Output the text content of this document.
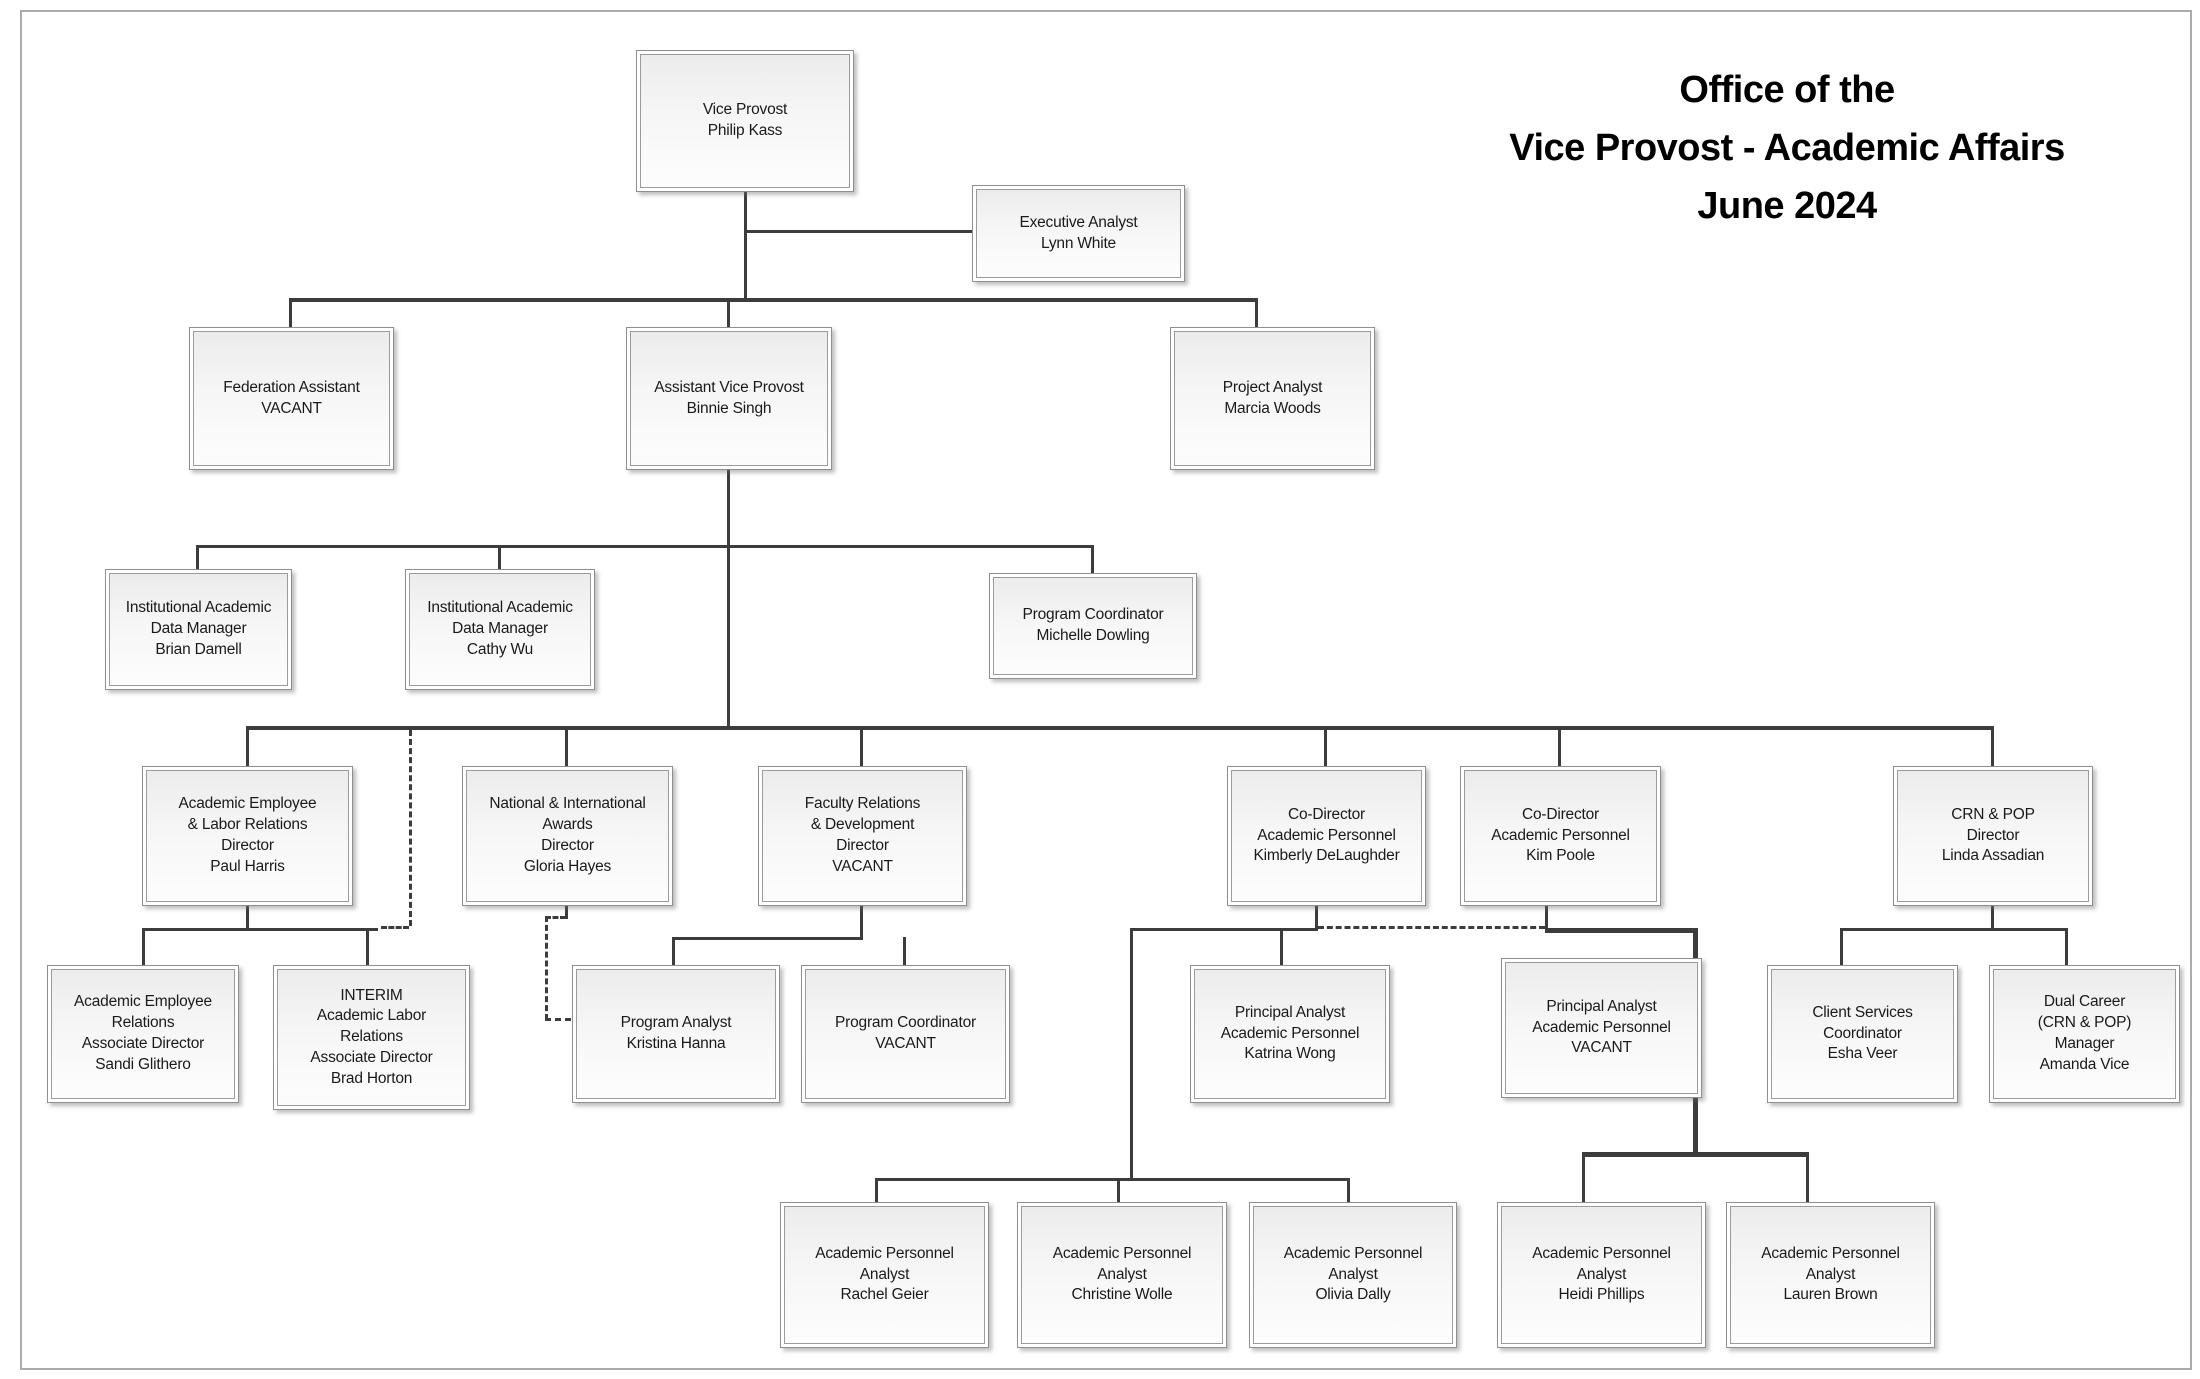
Office of the
Vice Provost - Academic Affairs
June 2024
Vice Provost
Philip Kass
Executive Analyst
Lynn White
Federation Assistant
VACANT
Assistant Vice Provost
Binnie Singh
Project Analyst
Marcia Woods
Institutional Academic
Data Manager
Brian Damell
Institutional Academic
Data Manager
Cathy Wu
Program Coordinator
Michelle Dowling
Academic Employee
& Labor Relations
Director
Paul Harris
National & International
Awards
Director
Gloria Hayes
Faculty Relations
& Development
Director
VACANT
Co-Director
Academic Personnel
Kimberly DeLaughder
Co-Director
Academic Personnel
Kim Poole
CRN & POP
Director
Linda Assadian
Academic Employee
Relations
Associate Director
Sandi Glithero
INTERIM
Academic Labor
Relations
Associate Director
Brad Horton
Program Analyst
Kristina Hanna
Program Coordinator
VACANT
Principal Analyst
Academic Personnel
Katrina Wong
Principal Analyst
Academic Personnel
VACANT
Client Services
Coordinator
Esha Veer
Dual Career
(CRN & POP)
Manager
Amanda Vice
Academic Personnel
Analyst
Rachel Geier
Academic Personnel
Analyst
Christine Wolle
Academic Personnel
Analyst
Olivia Dally
Academic Personnel
Analyst
Heidi Phillips
Academic Personnel
Analyst
Lauren Brown
